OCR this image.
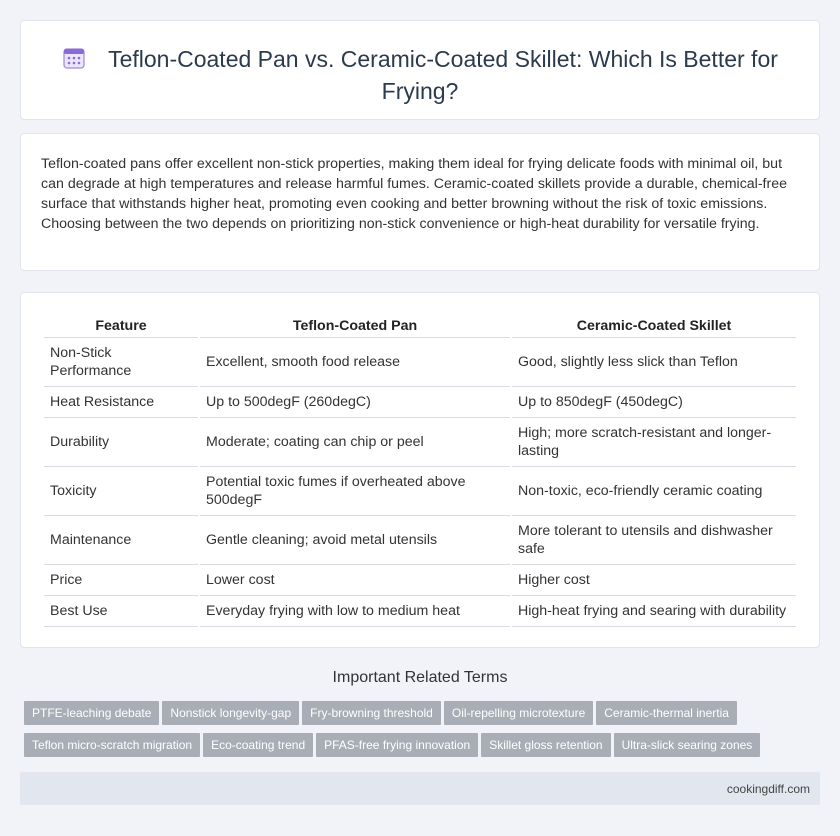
Teflon-Coated Pan vs. Ceramic-Coated Skillet: Which Is Better for Frying?

Teflon-coated pans offer excellent non-stick properties, making them ideal for frying delicate foods with minimal oil, but can degrade at high temperatures and release harmful fumes. Ceramic-coated skillets provide a durable, chemical-free surface that withstands higher heat, promoting even cooking and better browning without the risk of toxic emissions. Choosing between the two depends on prioritizing non-stick convenience or high-heat durability for versatile frying.

Feature	Teflon-Coated Pan	Ceramic-Coated Skillet
Non-Stick Performance	Excellent, smooth food release	Good, slightly less slick than Teflon
Heat Resistance	Up to 500degF (260degC)	Up to 850degF (450degC)
Durability	Moderate; coating can chip or peel	High; more scratch-resistant and longer-lasting
Toxicity	Potential toxic fumes if overheated above 500degF	Non-toxic, eco-friendly ceramic coating
Maintenance	Gentle cleaning; avoid metal utensils	More tolerant to utensils and dishwasher safe
Price	Lower cost	Higher cost
Best Use	Everyday frying with low to medium heat	High-heat frying and searing with durability
Important Related Terms
PTFE-leaching debate Nonstick longevity-gap Fry-browning threshold Oil-repelling microtexture Ceramic-thermal inertia
Teflon micro-scratch migration Eco-coating trend PFAS-free frying innovation Skillet gloss retention Ultra-slick searing zones
cookingdiff.com
